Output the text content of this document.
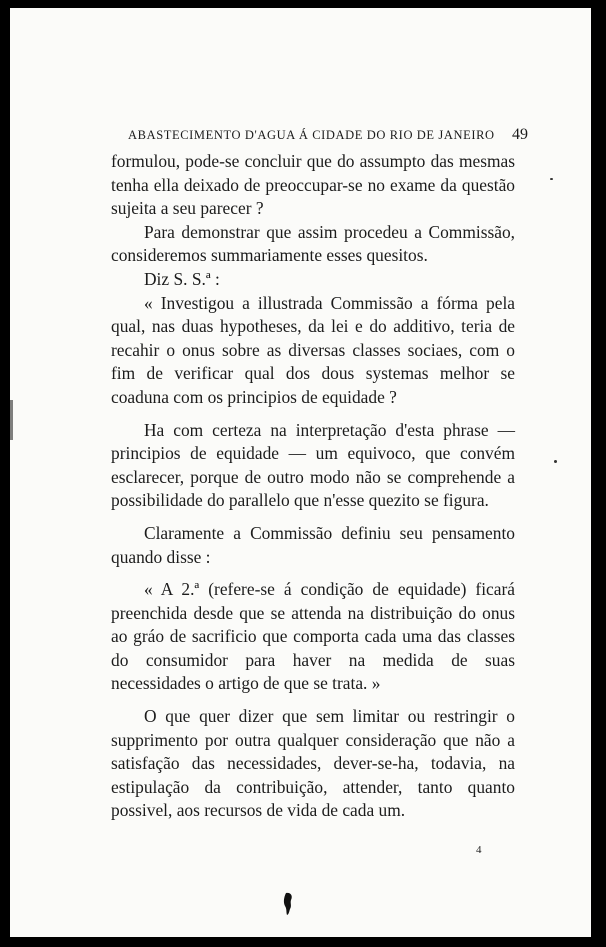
ABASTECIMENTO D'AGUA Á CIDADE DO RIO DE JANEIRO 49

formulou, pode-se concluir que do assumpto das mesmas tenha ella deixado de preoccupar-se no exame da questão sujeita a seu parecer ?

Para demonstrar que assim procedeu a Commissão, consideremos summariamente esses quesitos.

Diz S. S.ª :

« Investigou a illustrada Commissão a fórma pela qual, nas duas hypotheses, da lei e do additivo, teria de recahir o onus sobre as diversas classes sociaes, com o fim de verificar qual dos dous systemas melhor se coaduna com os principios de equidade ?

Ha com certeza na interpretação d'esta phrase — principios de equidade — um equivoco, que convém esclarecer, porque de outro modo não se comprehende a possibilidade do parallelo que n'esse quezito se figura.

Claramente a Commissão definiu seu pensamento quando disse :

« A 2.ª (refere-se á condição de equidade) ficará preenchida desde que se attenda na distribuição do onus ao gráo de sacrificio que comporta cada uma das classes do consumidor para haver na medida de suas necessidades o artigo de que se trata. »

O que quer dizer que sem limitar ou restringir o supprimento por outra qualquer consideração que não a satisfação das necessidades, dever-se-ha, todavia, na estipulação da contribuição, attender, tanto quanto possivel, aos recursos de vida de cada um.

4
